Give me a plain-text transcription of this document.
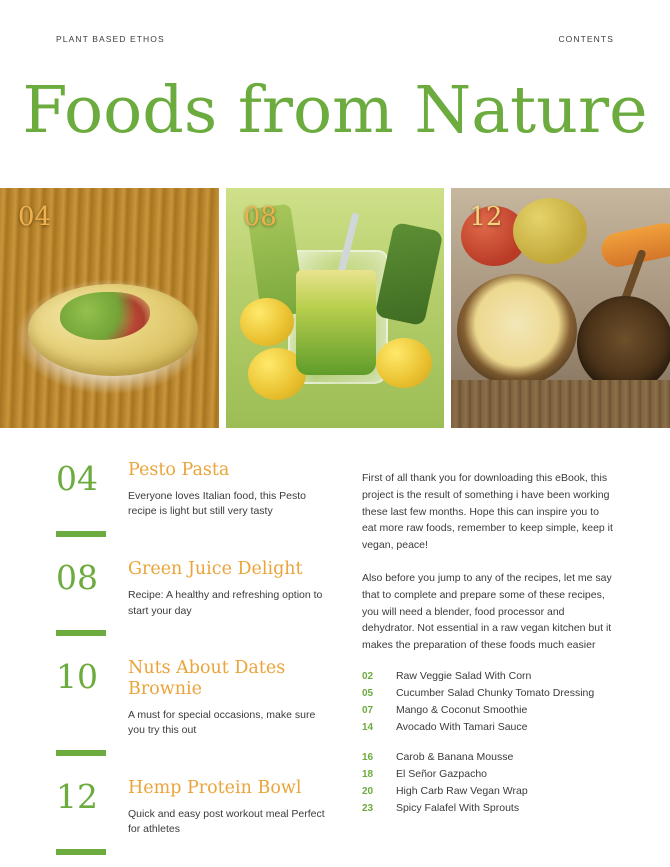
PLANT BASED ETHOS	CONTENTS
Foods from Nature
04	08	12
04	Pesto Pasta
Everyone loves Italian food, this Pesto recipe is light but still very tasty
08	Green Juice Delight
Recipe: A healthy and refreshing option to start your day
10	Nuts About Dates Brownie
A must for special occasions, make sure you try this out
12	Hemp Protein Bowl
Quick and easy post workout meal Perfect for athletes

First of all thank you for downloading this eBook, this project is the result of something i have been working these last few months. Hope this can inspire you to eat more raw foods, remember to keep simple, keep it vegan, peace!

Also before you jump to any of the recipes, let me say that to complete and prepare some of these recipes, you will need a blender, food processor and dehydrator. Not essential in a raw vegan kitchen but it makes the preparation of these foods much easier

02	Raw Veggie Salad With Corn
05	Cucumber Salad Chunky Tomato Dressing
07	Mango & Coconut Smoothie
14	Avocado With Tamari Sauce
16	Carob & Banana Mousse
18	El Señor Gazpacho
20	High Carb Raw Vegan Wrap
23	Spicy Falafel With Sprouts
